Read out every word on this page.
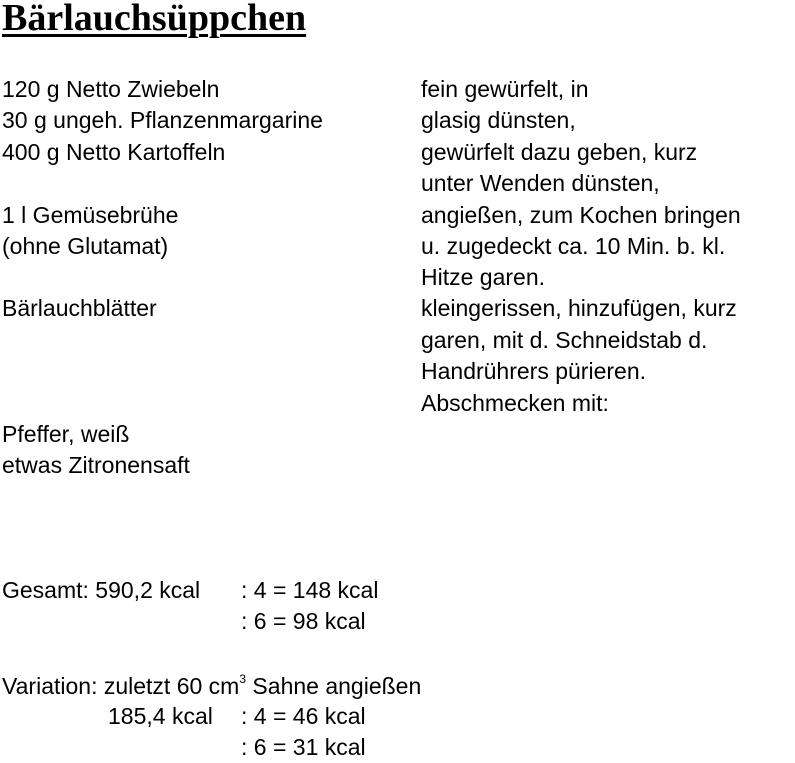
Bärlauchsüppchen
120 g Netto Zwiebeln
30 g ungeh. Pflanzenmargarine
400 g Netto Kartoffeln
1 l Gemüsebrühe
(ohne Glutamat)
Bärlauchblätter
Pfeffer, weiß
etwas Zitronensaft
fein gewürfelt, in
glasig dünsten,
gewürfelt dazu geben, kurz
unter Wenden dünsten,
angießen, zum Kochen bringen
u. zugedeckt ca. 10 Min. b. kl.
Hitze garen.
kleingerissen, hinzufügen, kurz
garen, mit d. Schneidstab d.
Handrührers pürieren.
Abschmecken mit:
Gesamt: 590,2 kcal : 4 = 148 kcal
: 6 = 98 kcal
Variation: zuletzt 60 $cm^3$ Sahne angießen
185,4 kcal : 4 = 46 kcal
: 6 = 31 kcal
